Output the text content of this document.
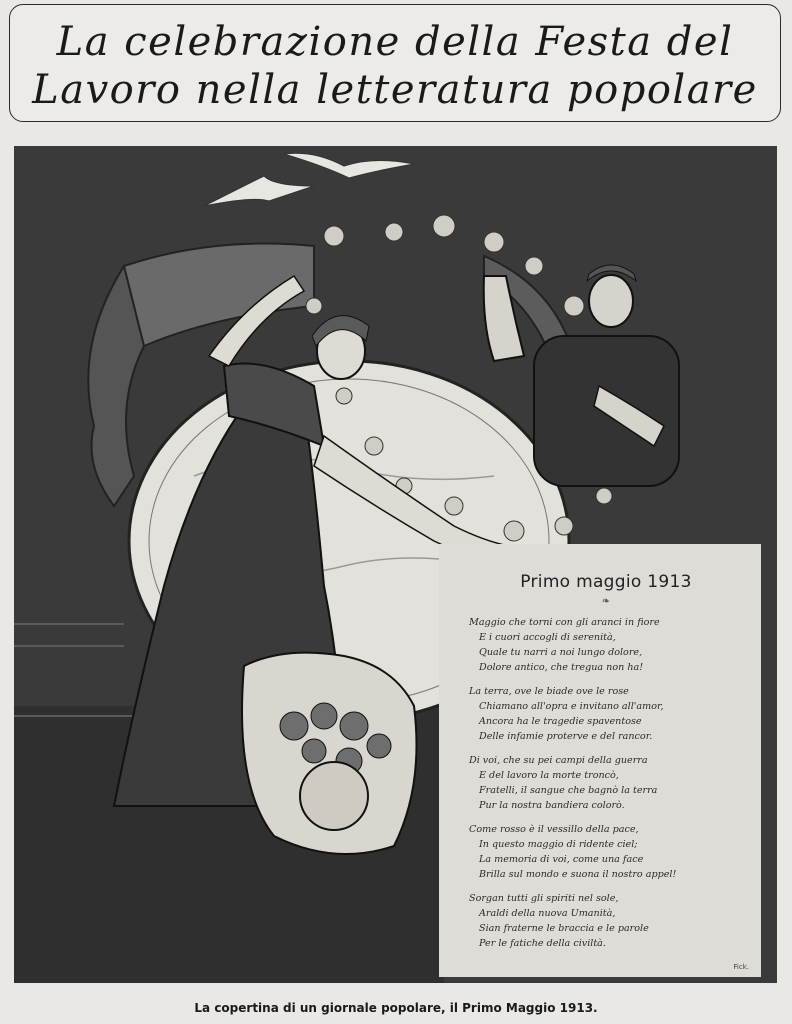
La celebrazione della Festa del
Lavoro nella letteratura popolare
Primo maggio 1913
❧
Maggio che torni con gli aranci in fiore
E i cuori accogli di serenità,
Quale tu narri a noi lungo dolore,
Dolore antico, che tregua non ha!
La terra, ove le biade ove le rose
Chiamano all'opra e invitano all'amor,
Ancora ha le tragedie spaventose
Delle infamie proterve e del rancor.
Di voi, che su pei campi della guerra
E del lavoro la morte troncò,
Fratelli, il sangue che bagnò la terra
Pur la nostra bandiera colorò.
Come rosso è il vessillo della pace,
In questo maggio di ridente ciel;
La memoria di voi, come una face
Brilla sul mondo e suona il nostro appel!
Sorgan tutti gli spiriti nel sole,
Araldi della nuova Umanità,
Sian fraterne le braccia e le parole
Per le fatiche della civiltà.
Fick.
La copertina di un giornale popolare, il Primo Maggio 1913.
